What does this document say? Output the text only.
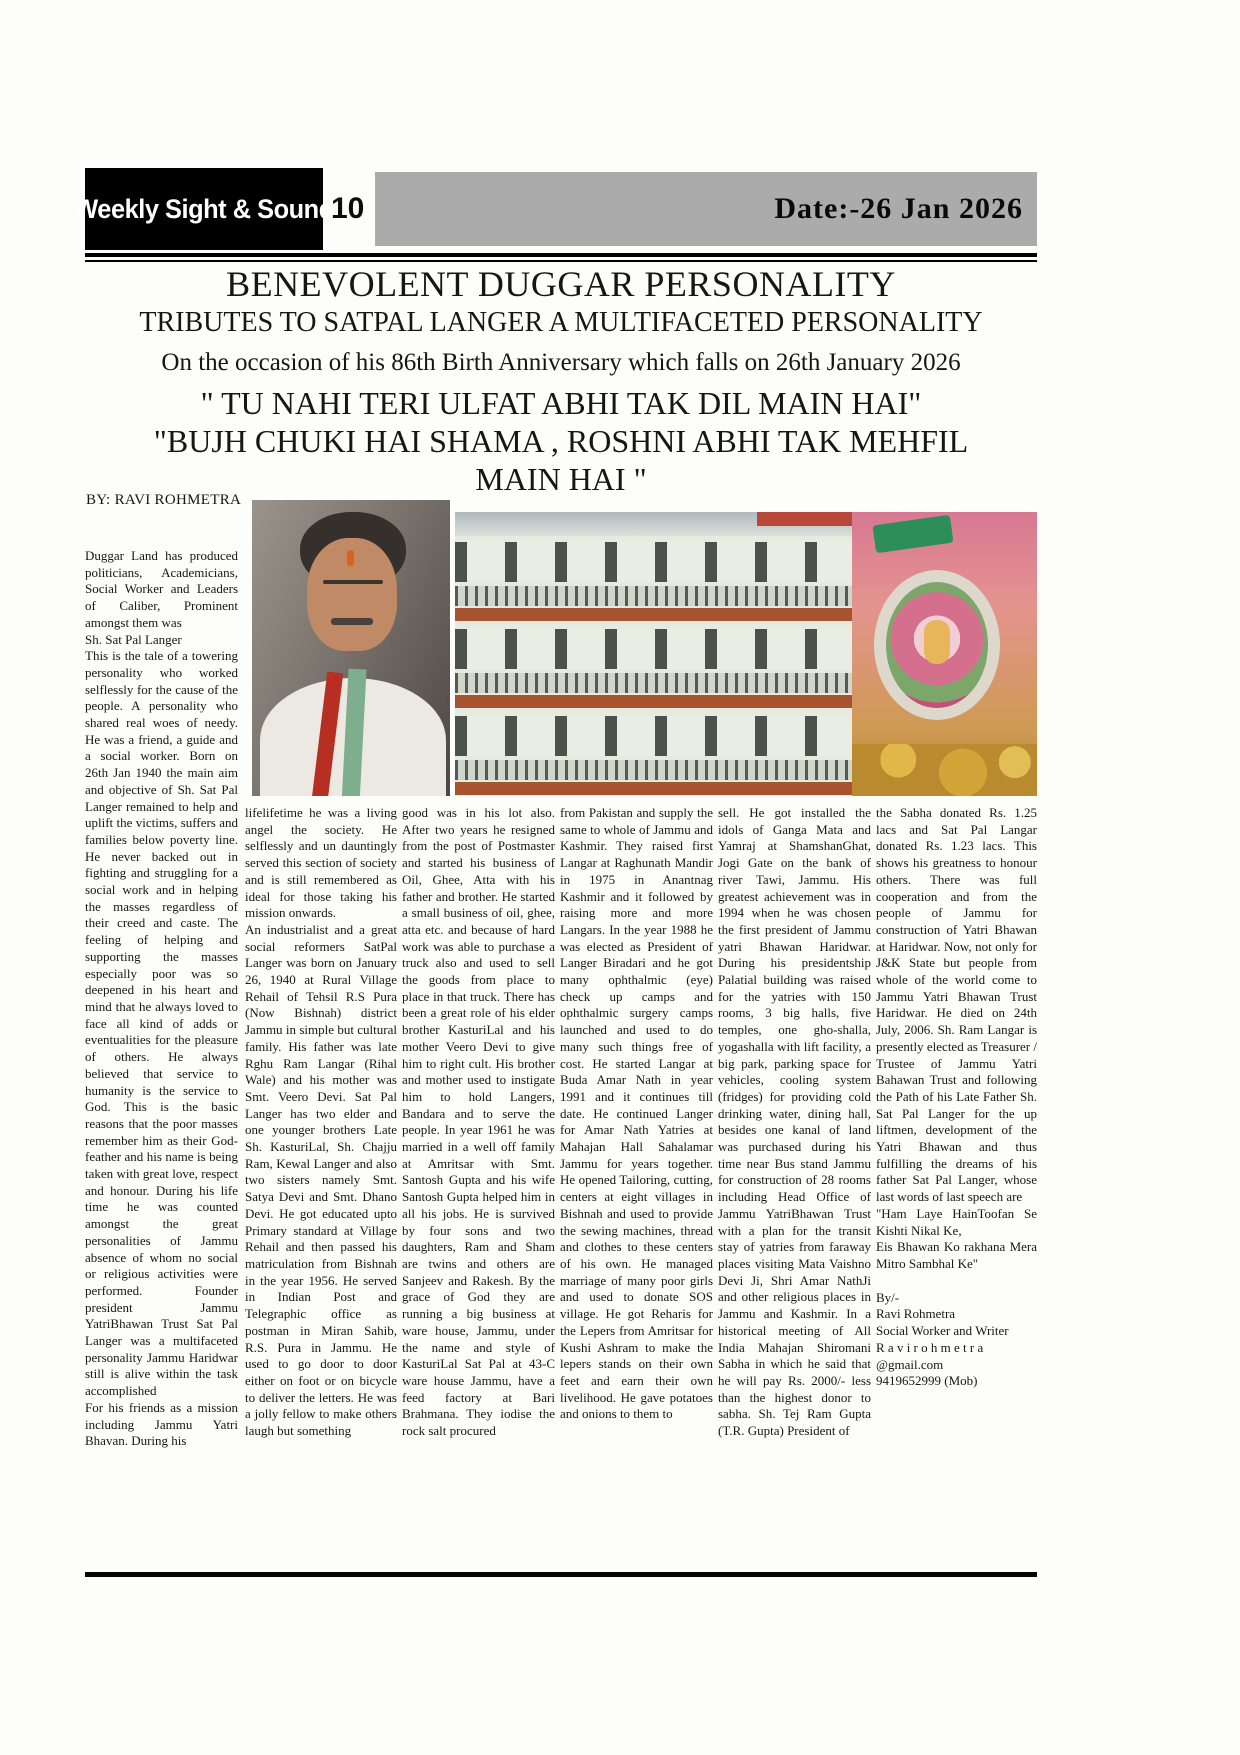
Weekly Sight & Sound
10	Date:-26 Jan 2026
BENEVOLENT DUGGAR PERSONALITY
TRIBUTES TO SATPAL LANGER A MULTIFACETED PERSONALITY
On the occasion of his 86th Birth Anniversary which falls on 26th January 2026
" TU NAHI TERI ULFAT ABHI TAK DIL MAIN HAI"
"BUJH CHUKI HAI SHAMA , ROSHNI ABHI TAK MEHFIL MAIN HAI "
BY: RAVI ROHMETRA

Duggar Land has produced politicians, Academicians, Social Worker and Leaders of Caliber, Prominent amongst them was

Sh. Sat Pal Langer

This is the tale of a towering personality who worked selflessly for the cause of the people. A personality who shared real woes of needy. He was a friend, a guide and a social worker. Born on 26th Jan 1940 the main aim and objective of Sh. Sat Pal Langer remained to help and uplift the victims, suffers and families below poverty line. He never backed out in fighting and struggling for a social work and in helping the masses regardless of their creed and caste. The feeling of helping and supporting the masses especially poor was so deepened in his heart and mind that he always loved to face all kind of adds or eventualities for the pleasure of others. He always believed that service to humanity is the service to God. This is the basic reasons that the poor masses remember him as their God-feather and his name is being taken with great love, respect and honour. During his life time he was counted amongst the great personalities of Jammu absence of whom no social or religious activities were performed. Founder president Jammu YatriBhawan Trust Sat Pal Langer was a multifaceted personality Jammu Haridwar still is alive within the task accomplished

For his friends as a mission including Jammu Yatri Bhavan. During his

lifelifetime he was a living angel the society. He selflessly and un dauntingly served this section of society and is still remembered as ideal for those taking his mission onwards.

An industrialist and a great social reformers SatPal Langer was born on January 26, 1940 at Rural Village Rehail of Tehsil R.S Pura (Now Bishnah) district Jammu in simple but cultural family. His father was late Rghu Ram Langar (Rihal Wale) and his mother was Smt. Veero Devi. Sat Pal Langer has two elder and one younger brothers Late Sh. KasturiLal, Sh. Chajju Ram, Kewal Langer and also two sisters namely Smt. Satya Devi and Smt. Dhano Devi. He got educated upto Primary standard at Village Rehail and then passed his matriculation from Bishnah in the year 1956. He served in Indian Post and Telegraphic office as postman in Miran Sahib, R.S. Pura in Jammu. He used to go door to door either on foot or on bicycle to deliver the letters. He was a jolly fellow to make others laugh but something

good was in his lot also. After two years he resigned from the post of Postmaster and started his business of Oil, Ghee, Atta with his father and brother. He started a small business of oil, ghee, atta etc. and because of hard work was able to purchase a truck also and used to sell the goods from place to place in that truck. There has been a great role of his elder brother KasturiLal and his mother Veero Devi to give him to right cult. His brother and mother used to instigate him to hold Langers, Bandara and to serve the people. In year 1961 he was married in a well off family at Amritsar with Smt. Santosh Gupta and his wife Santosh Gupta helped him in all his jobs. He is survived by four sons and two daughters, Ram and Sham are twins and others are Sanjeev and Rakesh. By the grace of God they are running a big business at ware house, Jammu, under the name and style of KasturiLal Sat Pal at 43-C ware house Jammu, have a feed factory at Bari Brahmana. They iodise the rock salt procured

from Pakistan and supply the same to whole of Jammu and Kashmir. They raised first Langar at Raghunath Mandir in 1975 in Anantnag Kashmir and it followed by raising more and more Langars. In the year 1988 he was elected as President of Langer Biradari and he got many ophthalmic (eye) check up camps and ophthalmic surgery camps launched and used to do many such things free of cost. He started Langar at Buda Amar Nath in year 1991 and it continues till date. He continued Langer for Amar Nath Yatries at Mahajan Hall Sahalamar Jammu for years together. He opened Tailoring, cutting, centers at eight villages in Bishnah and used to provide the sewing machines, thread and clothes to these centers of his own. He managed marriage of many poor girls and used to donate SOS village. He got Reharis for the Lepers from Amritsar for Kushi Ashram to make the lepers stands on their own feet and earn their own livelihood. He gave potatoes and onions to them to

sell. He got installed the idols of Ganga Mata and Yamraj at ShamshanGhat, Jogi Gate on the bank of river Tawi, Jammu. His greatest achievement was in 1994 when he was chosen the first president of Jammu yatri Bhawan Haridwar. During his presidentship Palatial building was raised for the yatries with 150 rooms, 3 big halls, five temples, one gho-shalla, yogashalla with lift facility, a big park, parking space for vehicles, cooling system (fridges) for providing cold drinking water, dining hall, besides one kanal of land was purchased during his time near Bus stand Jammu for construction of 28 rooms including Head Office of Jammu YatriBhawan Trust with a plan for the transit stay of yatries from faraway places visiting Mata Vaishno Devi Ji, Shri Amar NathJi and other religious places in Jammu and Kashmir. In a historical meeting of All India Mahajan Shiromani Sabha in which he said that he will pay Rs. 2000/- less than the highest donor to sabha. Sh. Tej Ram Gupta (T.R. Gupta) President of

the Sabha donated Rs. 1.25 lacs and Sat Pal Langar donated Rs. 1.23 lacs. This shows his greatness to honour others. There was full cooperation and from the people of Jammu for construction of Yatri Bhawan at Haridwar. Now, not only for J&K State but people from whole of the world come to Jammu Yatri Bhawan Trust Haridwar. He died on 24th July, 2006. Sh. Ram Langar is presently elected as Treasurer / Trustee of Jammu Yatri Bahawan Trust and following the Path of his Late Father Sh. Sat Pal Langer for the up liftmen, development of the Yatri Bhawan and thus fulfilling the dreams of his father Sat Pal Langer, whose last words of last speech are

"Ham Laye HainToofan Se Kishti Nikal Ke,

Eis Bhawan Ko rakhana Mera Mitro Sambhal Ke"

By/-

Ravi Rohmetra

Social Worker and Writer

R a v i r o h m e t r a

@gmail.com

9419652999 (Mob)
